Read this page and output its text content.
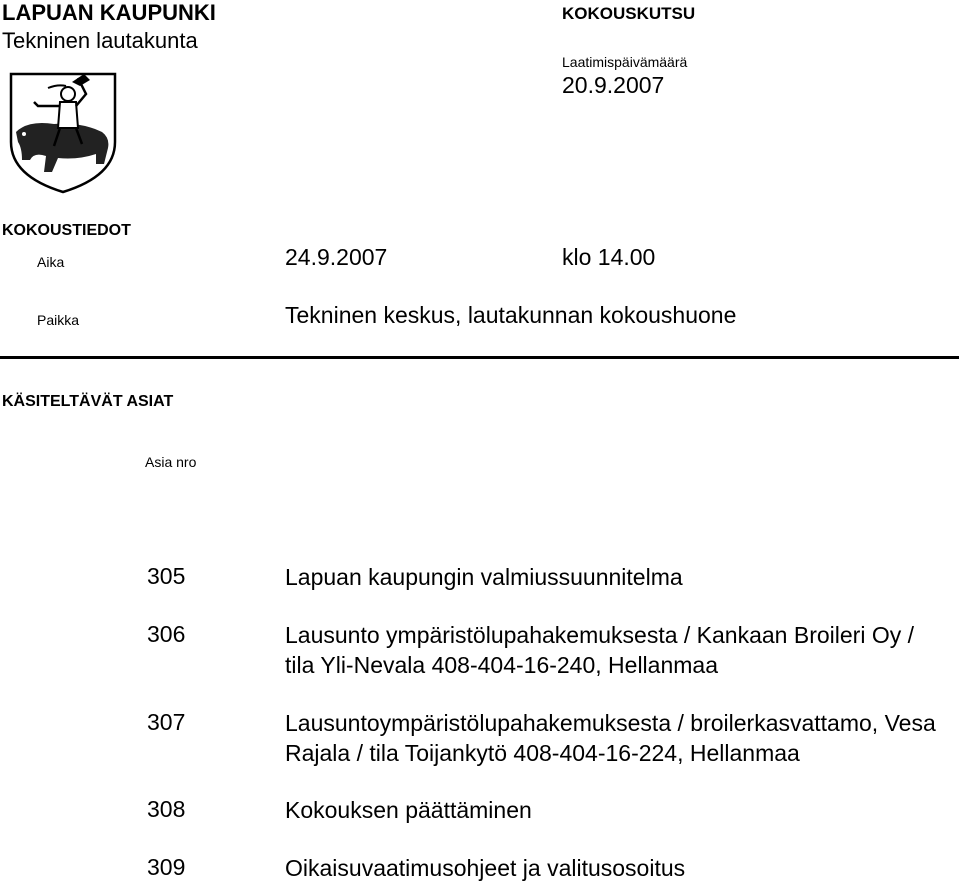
LAPUAN KAUPUNKI
Tekninen lautakunta
KOKOUSKUTSU
Laatimispäivämäärä
20.9.2007
KOKOUSTIEDOT
Aika	24.9.2007	klo 14.00
Paikka	Tekninen keskus, lautakunnan kokoushuone
KÄSITELTÄVÄT ASIAT
Asia nro
305	Lapuan kaupungin valmiussuunnitelma
306	Lausunto ympäristölupahakemuksesta / Kankaan Broileri Oy / tila Yli-Nevala 408-404-16-240, Hellanmaa
307	Lausuntoympäristölupahakemuksesta / broilerkasvattamo, Vesa Rajala / tila Toijankytö 408-404-16-224, Hellanmaa
308	Kokouksen päättäminen
309	Oikaisuvaatimusohjeet ja valitusosoitus
